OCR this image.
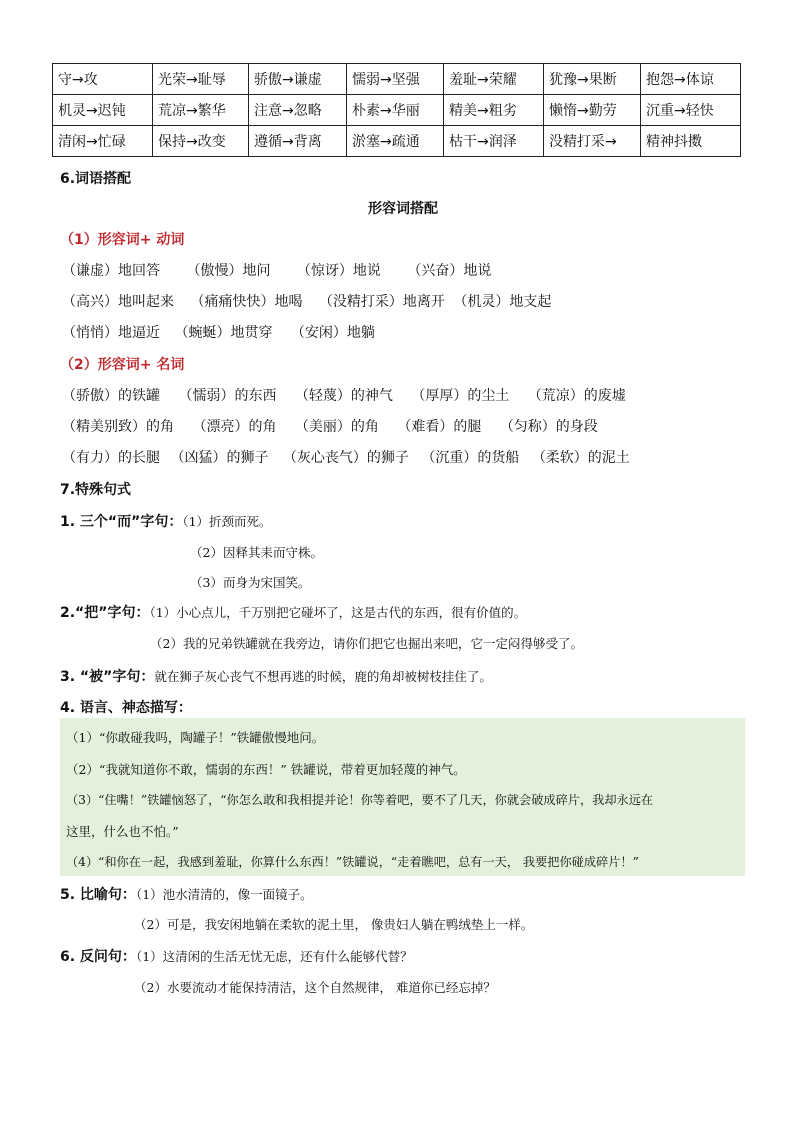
守→攻	光荣→耻辱	骄傲→谦虚	懦弱→坚强	羞耻→荣耀	犹豫→果断	抱怨→体谅
机灵→迟钝	荒凉→繁华	注意→忽略	朴素→华丽	精美→粗劣	懒惰→勤劳	沉重→轻快
清闲→忙碌	保持→改变	遵循→背离	淤塞→疏通	枯干→润泽	没精打采→	精神抖擞
6.词语搭配
形容词搭配
（1）形容词+ 动词
（谦虚）地回答 （傲慢）地问 （惊讶）地说 （兴奋）地说
（高兴）地叫起来 （痛痛快快）地喝 （没精打采）地离开 （机灵）地支起
（悄悄）地逼近 （蜿蜒）地贯穿 （安闲）地躺
（2）形容词+ 名词
（骄傲）的铁罐 （懦弱）的东西 （轻蔑）的神气 （厚厚）的尘土 （荒凉）的废墟
（精美别致）的角 （漂亮）的角 （美丽）的角 （难看）的腿 （匀称）的身段
（有力）的长腿 （凶猛）的狮子 （灰心丧气）的狮子 （沉重）的货船 （柔软）的泥土
7.特殊句式
1. 三个“而”字句：（1）折颈而死。
（2）因释其耒而守株。
（3）而身为宋国笑。
2.“把”字句：（1）小心点儿，千万别把它碰坏了，这是古代的东西，很有价值的。
（2）我的兄弟铁罐就在我旁边，请你们把它也掘出来吧，它一定闷得够受了。
3. “被”字句：就在狮子灰心丧气不想再逃的时候，鹿的角却被树枝挂住了。
4. 语言、神态描写：
（1）“你敢碰我吗，陶罐子！”铁罐傲慢地问。
（2）“我就知道你不敢，懦弱的东西！” 铁罐说，带着更加轻蔑的神气。
（3）“住嘴！”铁罐恼怒了，“你怎么敢和我相提并论！你等着吧，要不了几天，你就会破成碎片，我却永远在
这里，什么也不怕。”
（4）“和你在一起，我感到羞耻，你算什么东西！”铁罐说，“走着瞧吧，总有一天， 我要把你碰成碎片！”
5. 比喻句：（1）池水清清的，像一面镜子。
（2）可是，我安闲地躺在柔软的泥土里， 像贵妇人躺在鸭绒垫上一样。
6. 反问句：（1）这清闲的生活无忧无虑，还有什么能够代替？
（2）水要流动才能保持清洁，这个自然规律， 难道你已经忘掉？
